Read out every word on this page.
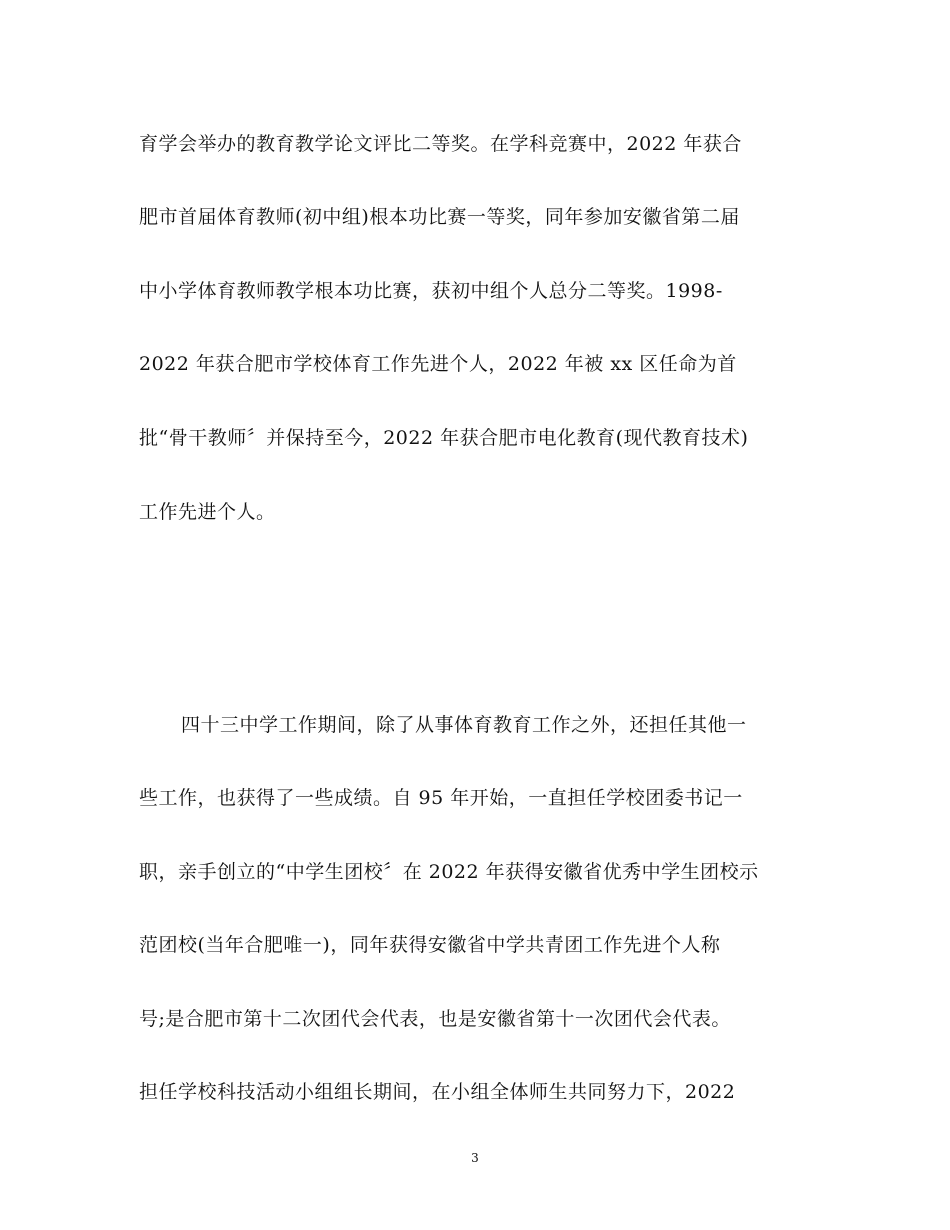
育学会举办的教育教学论文评比二等奖。在学科竞赛中，2022 年获合
肥市首届体育教师(初中组)根本功比赛一等奖，同年参加安徽省第二届
中小学体育教师教学根本功比赛，获初中组个人总分二等奖。1998-
2022 年获合肥市学校体育工作先进个人，2022 年被 xx 区任命为首
批“骨干教师〞并保持至今，2022 年获合肥市电化教育(现代教育技术)
工作先进个人。
四十三中学工作期间，除了从事体育教育工作之外，还担任其他一
些工作，也获得了一些成绩。自 95 年开始，一直担任学校团委书记一
职，亲手创立的“中学生团校〞在 2022 年获得安徽省优秀中学生团校示
范团校(当年合肥唯一)，同年获得安徽省中学共青团工作先进个人称
号;是合肥市第十二次团代会代表，也是安徽省第十一次团代会代表。
担任学校科技活动小组组长期间，在小组全体师生共同努力下，2022
3
